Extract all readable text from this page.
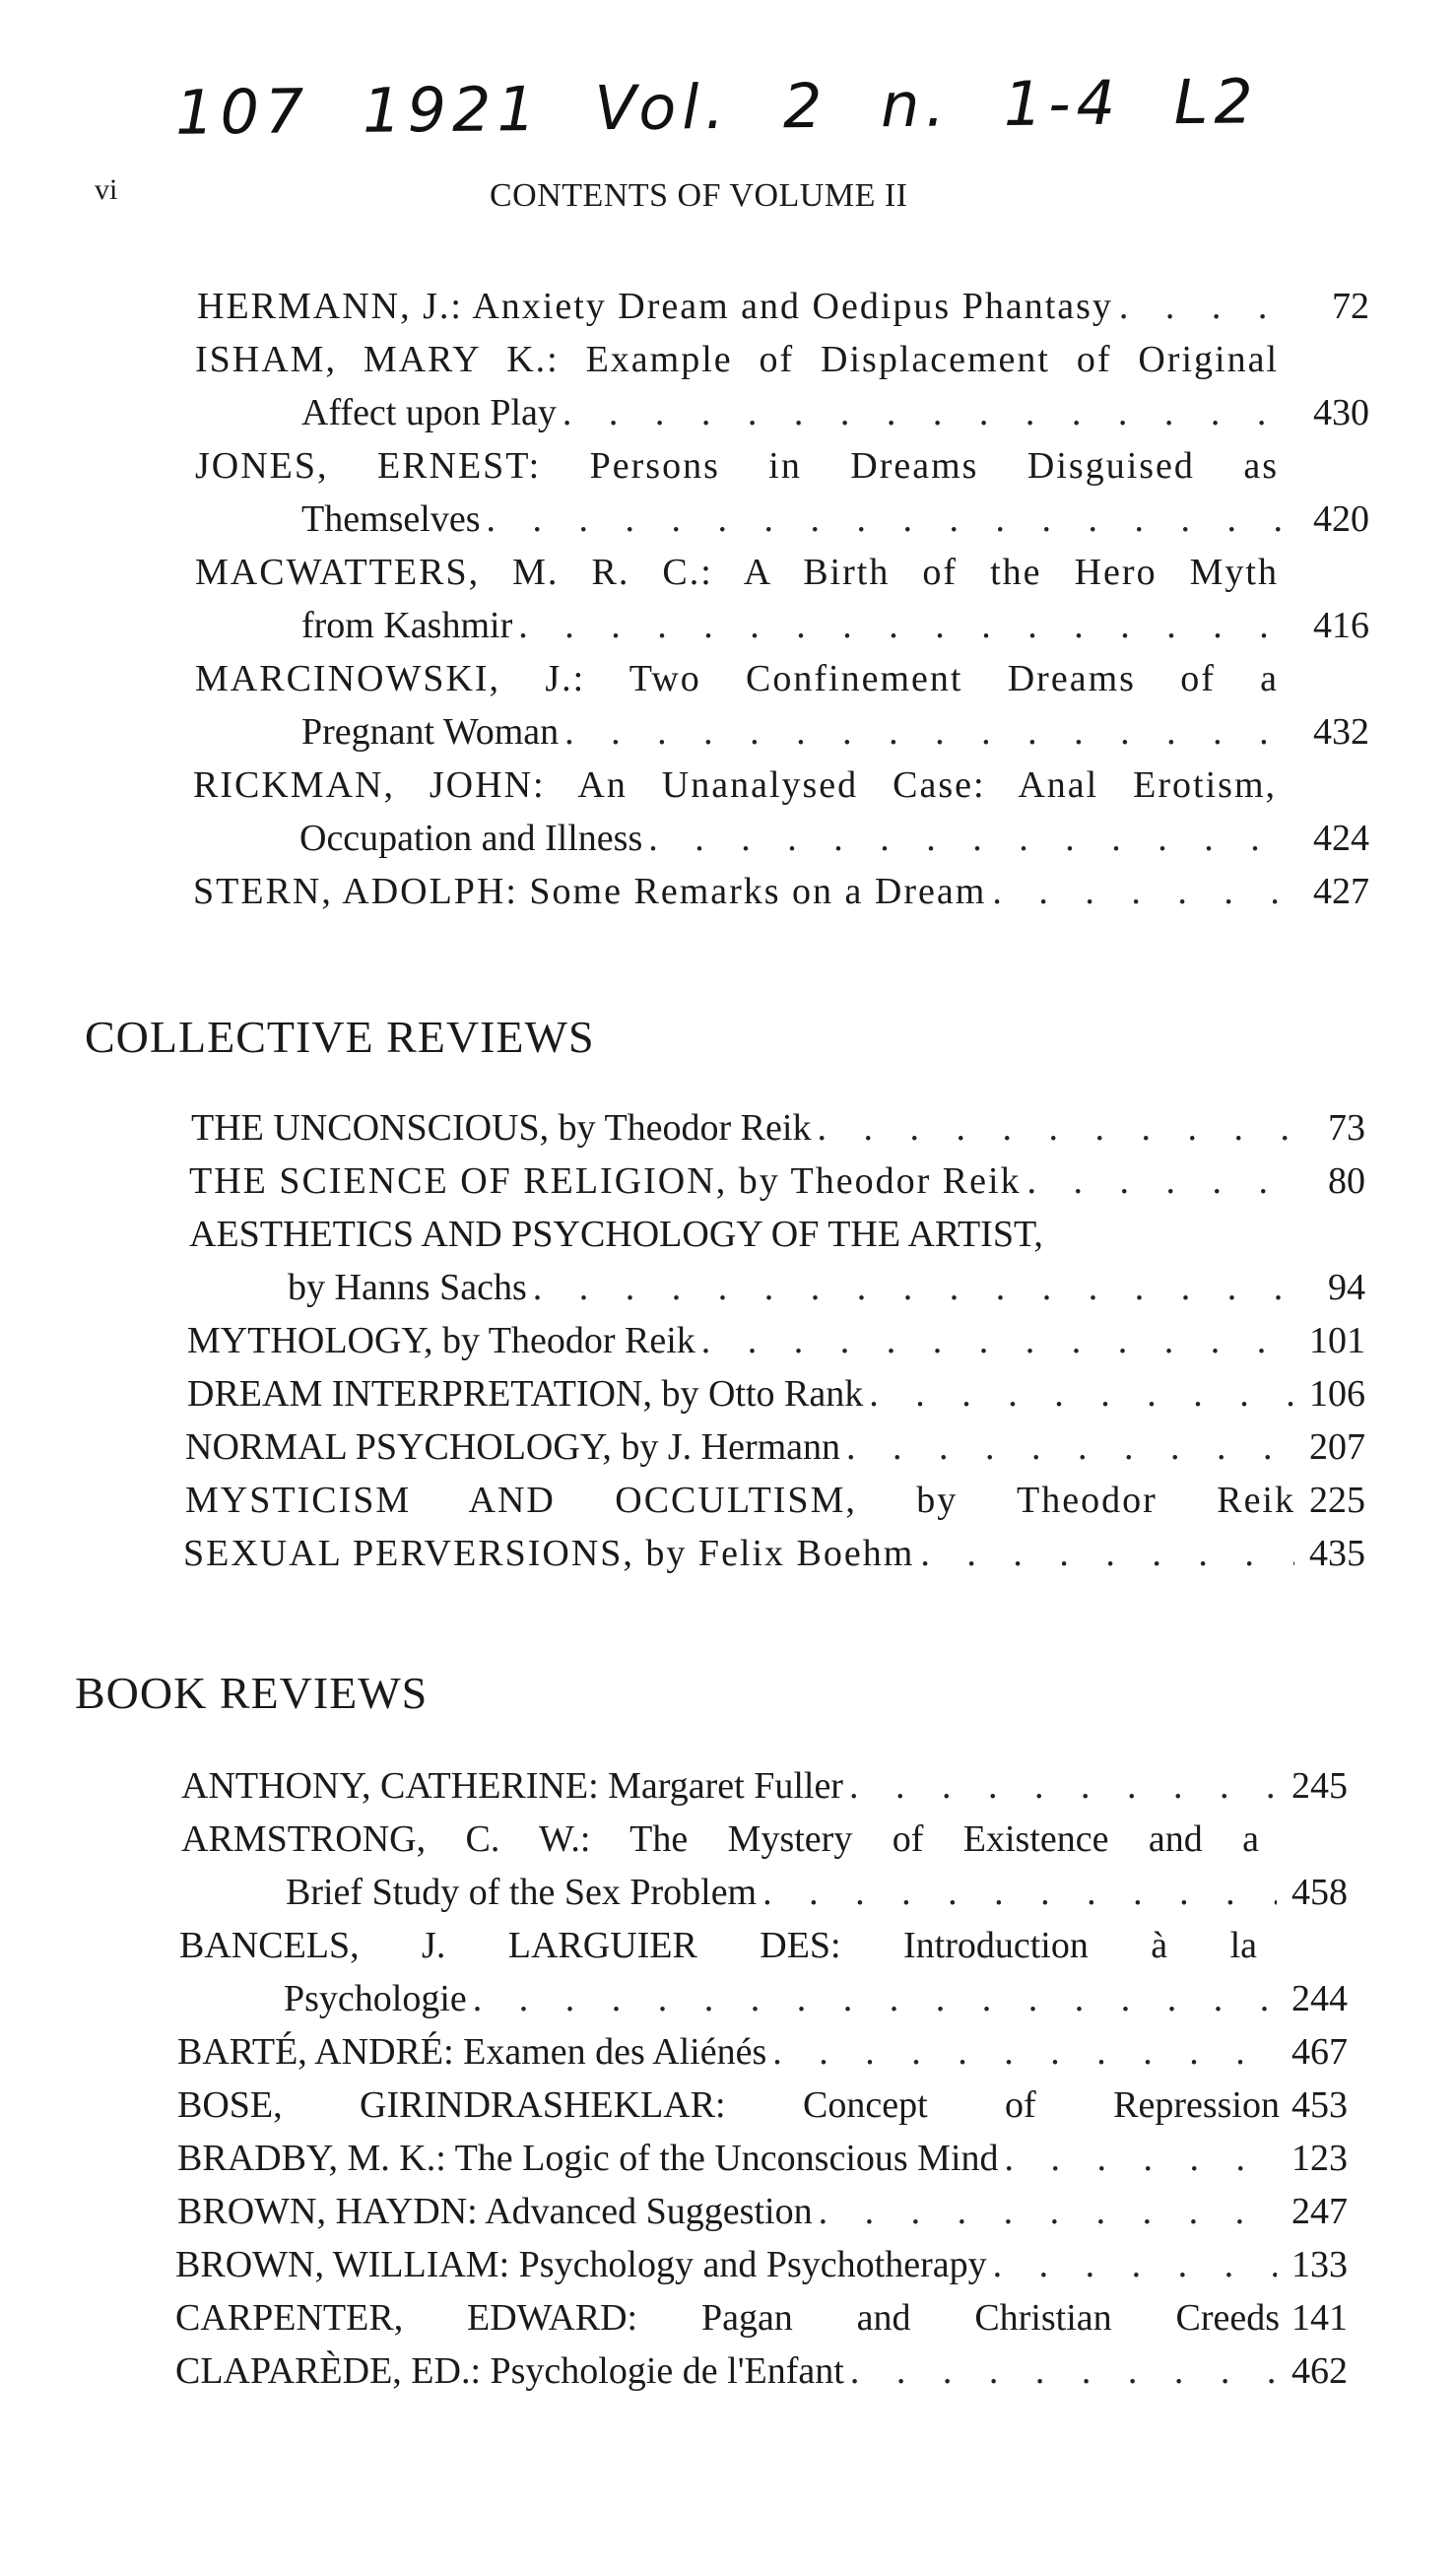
107 1921 Vol. 2 n. 1-4 L2
vi	CONTENTS OF VOLUME II
HERMANN, J.: Anxiety Dream and Oedipus Phantasy . . .	72
ISHAM, MARY K.: Example of Displacement of Original
Affect upon Play . . .	430
JONES, ERNEST: Persons in Dreams Disguised as
Themselves . . .	420
MACWATTERS, M. R. C.: A Birth of the Hero Myth
from Kashmir . . .	416
MARCINOWSKI, J.: Two Confinement Dreams of a
Pregnant Woman . . .	432
RICKMAN, JOHN: An Unanalysed Case: Anal Erotism,
Occupation and Illness . . .	424
STERN, ADOLPH: Some Remarks on a Dream . . .	427
COLLECTIVE REVIEWS
THE UNCONSCIOUS, by Theodor Reik . . .	73
THE SCIENCE OF RELIGION, by Theodor Reik . . .	80
AESTHETICS AND PSYCHOLOGY OF THE ARTIST,
by Hanns Sachs . . .	94
MYTHOLOGY, by Theodor Reik . . .	101
DREAM INTERPRETATION, by Otto Rank . . .	106
NORMAL PSYCHOLOGY, by J. Hermann . . .	207
MYSTICISM AND OCCULTISM, by Theodor Reik 225
SEXUAL PERVERSIONS, by Felix Boehm . . .	435
BOOK REVIEWS
ANTHONY, CATHERINE: Margaret Fuller . . .	245
ARMSTRONG, C. W.: The Mystery of Existence and a
Brief Study of the Sex Problem . . .	458
BANCELS, J. LARGUIER DES: Introduction à la
Psychologie . . .	244
BARTÉ, ANDRÉ: Examen des Aliénés . . .	467
BOSE, GIRINDRASHEKLAR: Concept of Repression 453
BRADBY, M. K.: The Logic of the Unconscious Mind . . .	123
BROWN, HAYDN: Advanced Suggestion . . .	247
BROWN, WILLIAM: Psychology and Psychotherapy . . .	133
CARPENTER, EDWARD: Pagan and Christian Creeds 141
CLAPARÈDE, ED.: Psychologie de l'Enfant . . .	462
